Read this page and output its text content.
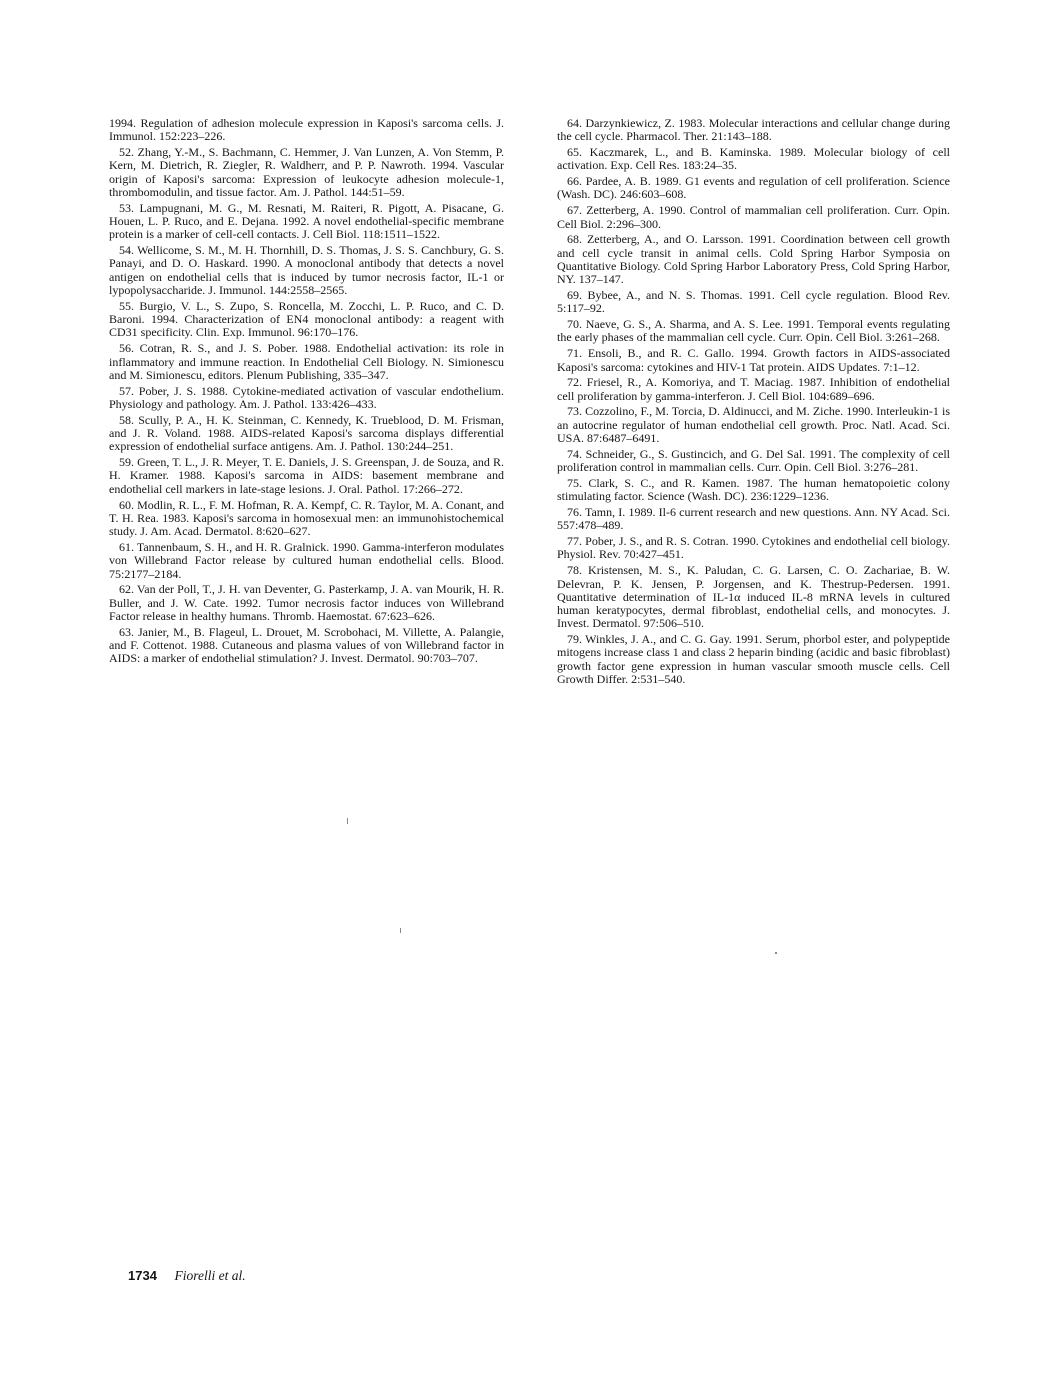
1994. Regulation of adhesion molecule expression in Kaposi's sarcoma cells. J. Immunol. 152:223–226.

52. Zhang, Y.-M., S. Bachmann, C. Hemmer, J. Van Lunzen, A. Von Stemm, P. Kern, M. Dietrich, R. Ziegler, R. Waldherr, and P. P. Nawroth. 1994. Vascular origin of Kaposi's sarcoma: Expression of leukocyte adhesion molecule-1, thrombomodulin, and tissue factor. Am. J. Pathol. 144:51–59.

53. Lampugnani, M. G., M. Resnati, M. Raiteri, R. Pigott, A. Pisacane, G. Houen, L. P. Ruco, and E. Dejana. 1992. A novel endothelial-specific membrane protein is a marker of cell-cell contacts. J. Cell Biol. 118:1511–1522.

54. Wellicome, S. M., M. H. Thornhill, D. S. Thomas, J. S. S. Canchbury, G. S. Panayi, and D. O. Haskard. 1990. A monoclonal antibody that detects a novel antigen on endothelial cells that is induced by tumor necrosis factor, IL-1 or lypopolysaccharide. J. Immunol. 144:2558–2565.

55. Burgio, V. L., S. Zupo, S. Roncella, M. Zocchi, L. P. Ruco, and C. D. Baroni. 1994. Characterization of EN4 monoclonal antibody: a reagent with CD31 specificity. Clin. Exp. Immunol. 96:170–176.

56. Cotran, R. S., and J. S. Pober. 1988. Endothelial activation: its role in inflammatory and immune reaction. In Endothelial Cell Biology. N. Simionescu and M. Simionescu, editors. Plenum Publishing, 335–347.

57. Pober, J. S. 1988. Cytokine-mediated activation of vascular endothelium. Physiology and pathology. Am. J. Pathol. 133:426–433.

58. Scully, P. A., H. K. Steinman, C. Kennedy, K. Trueblood, D. M. Frisman, and J. R. Voland. 1988. AIDS-related Kaposi's sarcoma displays differential expression of endothelial surface antigens. Am. J. Pathol. 130:244–251.

59. Green, T. L., J. R. Meyer, T. E. Daniels, J. S. Greenspan, J. de Souza, and R. H. Kramer. 1988. Kaposi's sarcoma in AIDS: basement membrane and endothelial cell markers in late-stage lesions. J. Oral. Pathol. 17:266–272.

60. Modlin, R. L., F. M. Hofman, R. A. Kempf, C. R. Taylor, M. A. Conant, and T. H. Rea. 1983. Kaposi's sarcoma in homosexual men: an immunohistochemical study. J. Am. Acad. Dermatol. 8:620–627.

61. Tannenbaum, S. H., and H. R. Gralnick. 1990. Gamma-interferon modulates von Willebrand Factor release by cultured human endothelial cells. Blood. 75:2177–2184.

62. Van der Poll, T., J. H. van Deventer, G. Pasterkamp, J. A. van Mourik, H. R. Buller, and J. W. Cate. 1992. Tumor necrosis factor induces von Willebrand Factor release in healthy humans. Thromb. Haemostat. 67:623–626.

63. Janier, M., B. Flageul, L. Drouet, M. Scrobohaci, M. Villette, A. Palangie, and F. Cottenot. 1988. Cutaneous and plasma values of von Willebrand factor in AIDS: a marker of endothelial stimulation? J. Invest. Dermatol. 90:703–707.

64. Darzynkiewicz, Z. 1983. Molecular interactions and cellular change during the cell cycle. Pharmacol. Ther. 21:143–188.

65. Kaczmarek, L., and B. Kaminska. 1989. Molecular biology of cell activation. Exp. Cell Res. 183:24–35.

66. Pardee, A. B. 1989. G1 events and regulation of cell proliferation. Science (Wash. DC). 246:603–608.

67. Zetterberg, A. 1990. Control of mammalian cell proliferation. Curr. Opin. Cell Biol. 2:296–300.

68. Zetterberg, A., and O. Larsson. 1991. Coordination between cell growth and cell cycle transit in animal cells. Cold Spring Harbor Symposia on Quantitative Biology. Cold Spring Harbor Laboratory Press, Cold Spring Harbor, NY. 137–147.

69. Bybee, A., and N. S. Thomas. 1991. Cell cycle regulation. Blood Rev. 5:117–92.

70. Naeve, G. S., A. Sharma, and A. S. Lee. 1991. Temporal events regulating the early phases of the mammalian cell cycle. Curr. Opin. Cell Biol. 3:261–268.

71. Ensoli, B., and R. C. Gallo. 1994. Growth factors in AIDS-associated Kaposi's sarcoma: cytokines and HIV-1 Tat protein. AIDS Updates. 7:1–12.

72. Friesel, R., A. Komoriya, and T. Maciag. 1987. Inhibition of endothelial cell proliferation by gamma-interferon. J. Cell Biol. 104:689–696.

73. Cozzolino, F., M. Torcia, D. Aldinucci, and M. Ziche. 1990. Interleukin-1 is an autocrine regulator of human endothelial cell growth. Proc. Natl. Acad. Sci. USA. 87:6487–6491.

74. Schneider, G., S. Gustincich, and G. Del Sal. 1991. The complexity of cell proliferation control in mammalian cells. Curr. Opin. Cell Biol. 3:276–281.

75. Clark, S. C., and R. Kamen. 1987. The human hematopoietic colony stimulating factor. Science (Wash. DC). 236:1229–1236.

76. Tamn, I. 1989. Il-6 current research and new questions. Ann. NY Acad. Sci. 557:478–489.

77. Pober, J. S., and R. S. Cotran. 1990. Cytokines and endothelial cell biology. Physiol. Rev. 70:427–451.

78. Kristensen, M. S., K. Paludan, C. G. Larsen, C. O. Zachariae, B. W. Delevran, P. K. Jensen, P. Jorgensen, and K. Thestrup-Pedersen. 1991. Quantitative determination of IL-1α induced IL-8 mRNA levels in cultured human keratypocytes, dermal fibroblast, endothelial cells, and monocytes. J. Invest. Dermatol. 97:506–510.

79. Winkles, J. A., and C. G. Gay. 1991. Serum, phorbol ester, and polypeptide mitogens increase class 1 and class 2 heparin binding (acidic and basic fibroblast) growth factor gene expression in human vascular smooth muscle cells. Cell Growth Differ. 2:531–540.

1734 Fiorelli et al.
